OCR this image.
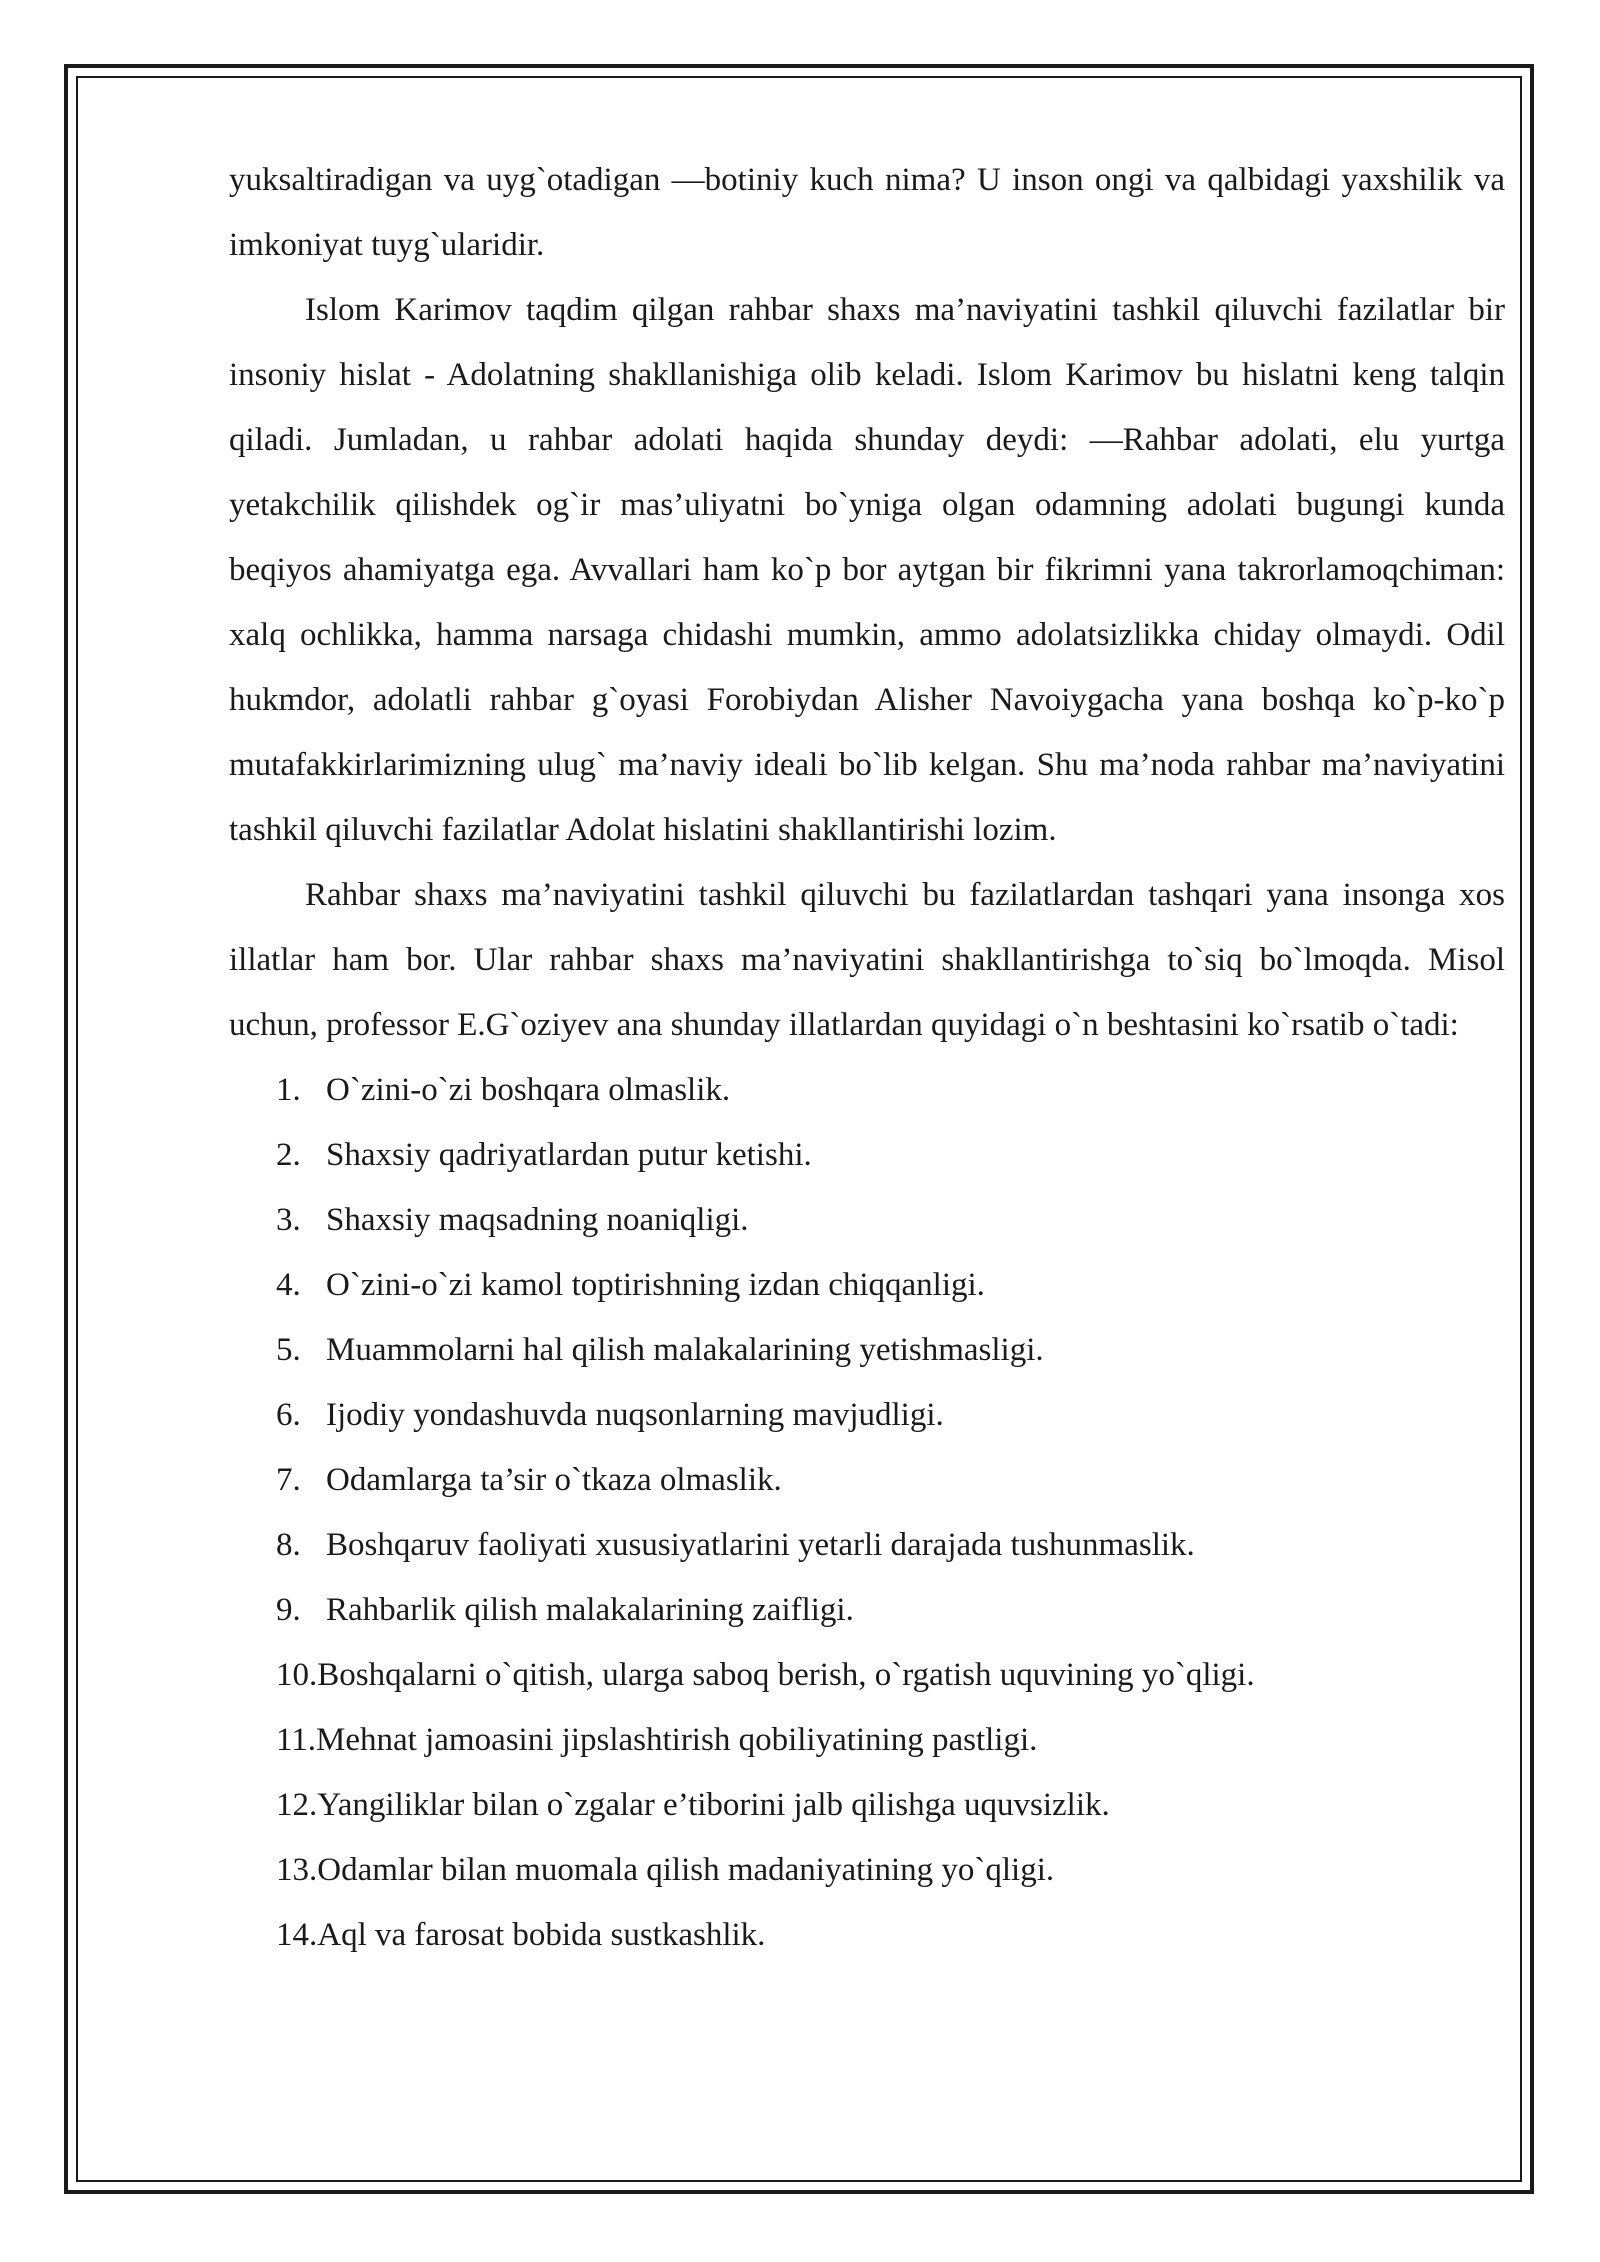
yuksaltiradigan va uyg`otadigan —botiniy kuch nima? U inson ongi va qalbidagi yaxshilik va imkoniyat tuyg`ularidir.

Islom Karimov taqdim qilgan rahbar shaxs ma’naviyatini tashkil qiluvchi fazilatlar bir insoniy hislat - Adolatning shakllanishiga olib keladi. Islom Karimov bu hislatni keng talqin qiladi. Jumladan, u rahbar adolati haqida shunday deydi: —Rahbar adolati, elu yurtga yetakchilik qilishdek og`ir mas’uliyatni bo`yniga olgan odamning adolati bugungi kunda beqiyos ahamiyatga ega. Avvallari ham ko`p bor aytgan bir fikrimni yana takrorlamoqchiman: xalq ochlikka, hamma narsaga chidashi mumkin, ammo adolatsizlikka chiday olmaydi. Odil hukmdor, adolatli rahbar g`oyasi Forobiydan Alisher Navoiygacha yana boshqa ko`p-ko`p mutafakkirlarimizning ulug` ma’naviy ideali bo`lib kelgan. Shu ma’noda rahbar ma’naviyatini tashkil qiluvchi fazilatlar Adolat hislatini shakllantirishi lozim.

Rahbar shaxs ma’naviyatini tashkil qiluvchi bu fazilatlardan tashqari yana insonga xos illatlar ham bor. Ular rahbar shaxs ma’naviyatini shakllantirishga to`siq bo`lmoqda. Misol uchun, professor E.G`oziyev ana shunday illatlardan quyidagi o`n beshtasini ko`rsatib o`tadi:

1. O`zini-o`zi boshqara olmaslik.
2. Shaxsiy qadriyatlardan putur ketishi.
3. Shaxsiy maqsadning noaniqligi.
4. O`zini-o`zi kamol toptirishning izdan chiqqanligi.
5. Muammolarni hal qilish malakalarining yetishmasligi.
6. Ijodiy yondashuvda nuqsonlarning mavjudligi.
7. Odamlarga ta’sir o`tkaza olmaslik.
8. Boshqaruv faoliyati xususiyatlarini yetarli darajada tushunmaslik.
9. Rahbarlik qilish malakalarining zaifligi.
10. Boshqalarni o`qitish, ularga saboq berish, o`rgatish uquvining yo`qligi.
11. Mehnat jamoasini jipslashtirish qobiliyatining pastligi.
12. Yangiliklar bilan o`zgalar e’tiborini jalb qilishga uquvsizlik.
13. Odamlar bilan muomala qilish madaniyatining yo`qligi.
14. Aql va farosat bobida sustkashlik.
